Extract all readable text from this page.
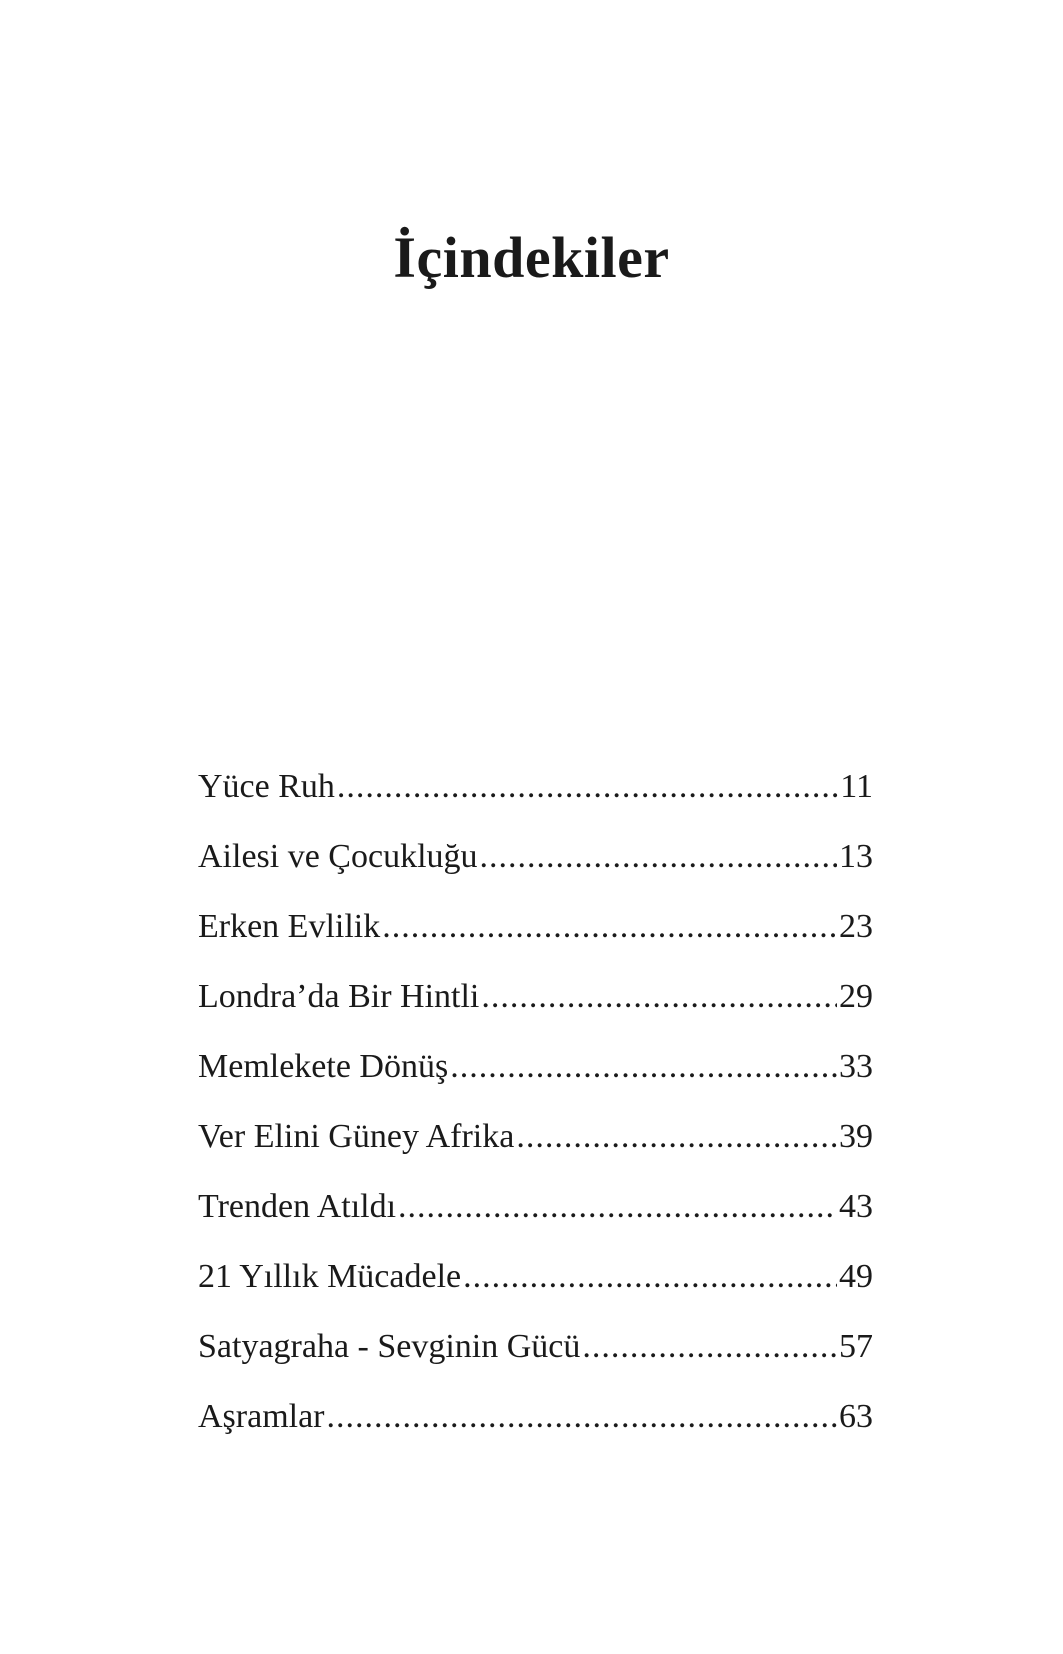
İçindekiler
Yüce Ruh .....	11
Ailesi ve Çocukluğu .....	13
Erken Evlilik .....	23
Londra’da Bir Hintli .....	29
Memlekete Dönüş .....	33
Ver Elini Güney Afrika .....	39
Trenden Atıldı .....	43
21 Yıllık Mücadele .....	49
Satyagraha - Sevginin Gücü .....	57
Aşramlar .....	63
